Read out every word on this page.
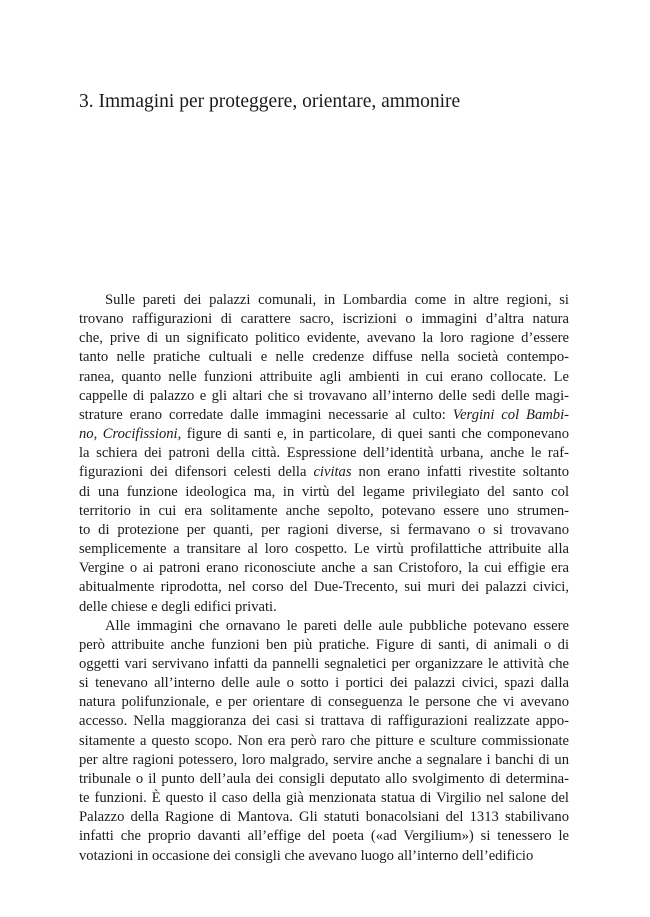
3. Immagini per proteggere, orientare, ammonire
Sulle pareti dei palazzi comunali, in Lombardia come in altre regioni, si
trovano raffigurazioni di carattere sacro, iscrizioni o immagini d’altra natura
che, prive di un significato politico evidente, avevano la loro ragione d’essere
tanto nelle pratiche cultuali e nelle credenze diffuse nella società contempo-
ranea, quanto nelle funzioni attribuite agli ambienti in cui erano collocate. Le
cappelle di palazzo e gli altari che si trovavano all’interno delle sedi delle magi-
strature erano corredate dalle immagini necessarie al culto: Vergini col Bambi-
no, Crocifissioni, figure di santi e, in particolare, di quei santi che componevano
la schiera dei patroni della città. Espressione dell’identità urbana, anche le raf-
figurazioni dei difensori celesti della civitas non erano infatti rivestite soltanto
di una funzione ideologica ma, in virtù del legame privilegiato del santo col
territorio in cui era solitamente anche sepolto, potevano essere uno strumen-
to di protezione per quanti, per ragioni diverse, si fermavano o si trovavano
semplicemente a transitare al loro cospetto. Le virtù profilattiche attribuite alla
Vergine o ai patroni erano riconosciute anche a san Cristoforo, la cui effigie era
abitualmente riprodotta, nel corso del Due-Trecento, sui muri dei palazzi civici,
delle chiese e degli edifici privati.
Alle immagini che ornavano le pareti delle aule pubbliche potevano essere
però attribuite anche funzioni ben più pratiche. Figure di santi, di animali o di
oggetti vari servivano infatti da pannelli segnaletici per organizzare le attività che
si tenevano all’interno delle aule o sotto i portici dei palazzi civici, spazi dalla
natura polifunzionale, e per orientare di conseguenza le persone che vi avevano
accesso. Nella maggioranza dei casi si trattava di raffigurazioni realizzate appo-
sitamente a questo scopo. Non era però raro che pitture e sculture commissionate
per altre ragioni potessero, loro malgrado, servire anche a segnalare i banchi di un
tribunale o il punto dell’aula dei consigli deputato allo svolgimento di determina-
te funzioni. È questo il caso della già menzionata statua di Virgilio nel salone del
Palazzo della Ragione di Mantova. Gli statuti bonacolsiani del 1313 stabilivano
infatti che proprio davanti all’effige del poeta («ad Vergilium») si tenessero le
votazioni in occasione dei consigli che avevano luogo all’interno dell’edificio
